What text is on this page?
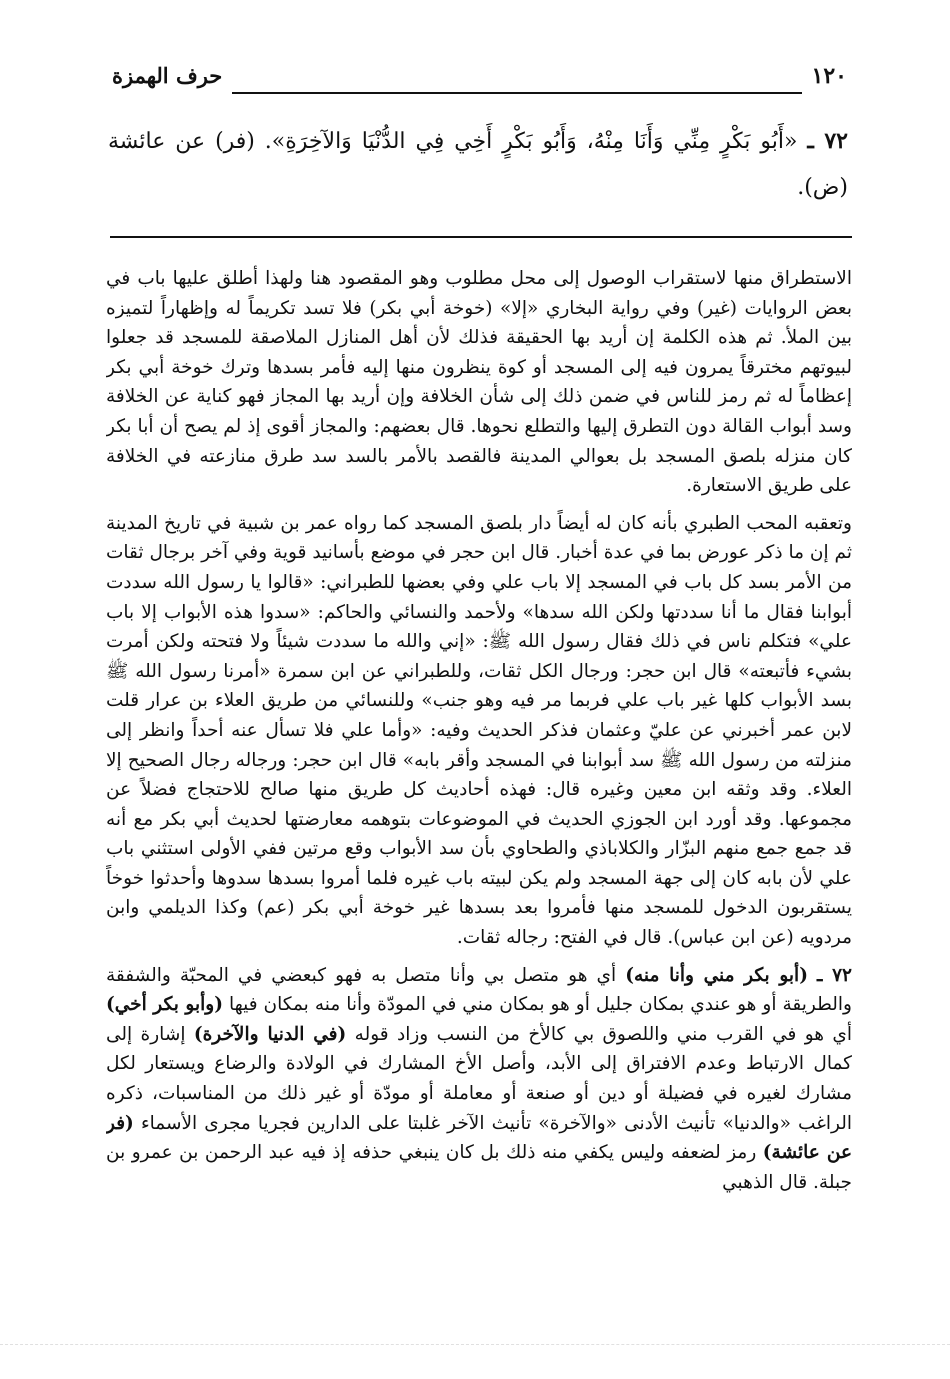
١٢٠
حرف الهمزة
٧٢ ـ «أَبُو بَكْرٍ مِنِّي وَأَنَا مِنْهُ، وَأَبُو بَكْرٍ أَخِي فِي الدُّنْيَا وَالآخِرَةِ». (فر) عن عائشة (ض).

الاستطراق منها لاستقراب الوصول إلى محل مطلوب وهو المقصود هنا ولهذا أطلق عليها باب في بعض الروايات (غير) وفي رواية البخاري «إلا» (خوخة أبي بكر) فلا تسد تكريماً له وإظهاراً لتميزه بين الملأ. ثم هذه الكلمة إن أريد بها الحقيقة فذلك لأن أهل المنازل الملاصقة للمسجد قد جعلوا لبيوتهم مخترقاً يمرون فيه إلى المسجد أو كوة ينظرون منها إليه فأمر بسدها وترك خوخة أبي بكر إعظاماً له ثم رمز للناس في ضمن ذلك إلى شأن الخلافة وإن أريد بها المجاز فهو كناية عن الخلافة وسد أبواب القالة دون التطرق إليها والتطلع نحوها. قال بعضهم: والمجاز أقوى إذ لم يصح أن أبا بكر كان منزله بلصق المسجد بل بعوالي المدينة فالقصد بالأمر بالسد سد طرق منازعته في الخلافة على طريق الاستعارة.

وتعقبه المحب الطبري بأنه كان له أيضاً دار بلصق المسجد كما رواه عمر بن شبية في تاريخ المدينة ثم إن ما ذكر عورض بما في عدة أخبار. قال ابن حجر في موضع بأسانيد قوية وفي آخر برجال ثقات من الأمر بسد كل باب في المسجد إلا باب علي وفي بعضها للطبراني: «قالوا يا رسول الله سددت أبوابنا فقال ما أنا سددتها ولكن الله سدها» ولأحمد والنسائي والحاكم: «سدوا هذه الأبواب إلا باب علي» فتكلم ناس في ذلك فقال رسول الله ﷺ: «إني والله ما سددت شيئاً ولا فتحته ولكن أمرت بشيء فأتبعته» قال ابن حجر: ورجال الكل ثقات، وللطبراني عن ابن سمرة «أمرنا رسول الله ﷺ بسد الأبواب كلها غير باب علي فربما مر فيه وهو جنب» وللنسائي من طريق العلاء بن عرار قلت لابن عمر أخبرني عن عليّ وعثمان فذكر الحديث وفيه: «وأما علي فلا تسأل عنه أحداً وانظر إلى منزلته من رسول الله ﷺ سد أبوابنا في المسجد وأقر بابه» قال ابن حجر: ورجاله رجال الصحيح إلا العلاء. وقد وثقه ابن معين وغيره قال: فهذه أحاديث كل طريق منها صالح للاحتجاج فضلاً عن مجموعها. وقد أورد ابن الجوزي الحديث في الموضوعات بتوهمه معارضتها لحديث أبي بكر مع أنه قد جمع جمع منهم البزّار والكلاباذي والطحاوي بأن سد الأبواب وقع مرتين ففي الأولى استثني باب علي لأن بابه كان إلى جهة المسجد ولم يكن لبيته باب غيره فلما أمروا بسدها سدوها وأحدثوا خوخاً يستقربون الدخول للمسجد منها فأمروا بعد بسدها غير خوخة أبي بكر (عم) وكذا الديلمي وابن مردويه (عن ابن عباس). قال في الفتح: رجاله ثقات.

٧٢ ـ (أبو بكر مني وأنا منه) أي هو متصل بي وأنا متصل به فهو كبعضي في المحبّة والشفقة والطريقة أو هو عندي بمكان جليل أو هو بمكان مني في المودّة وأنا منه بمكان فيها (وأبو بكر أخي) أي هو في القرب مني واللصوق بي كالأخ من النسب وزاد قوله (في الدنيا والآخرة) إشارة إلى كمال الارتباط وعدم الافتراق إلى الأبد، وأصل الأخ المشارك في الولادة والرضاع ويستعار لكل مشارك لغيره في فضيلة أو دين أو صنعة أو معاملة أو مودّة أو غير ذلك من المناسبات، ذكره الراغب «والدنيا» تأنيث الأدنى «والآخرة» تأنيث الآخر غلبتا على الدارين فجريا مجرى الأسماء (فر عن عائشة) رمز لضعفه وليس يكفي منه ذلك بل كان ينبغي حذفه إذ فيه عبد الرحمن بن عمرو بن جبلة. قال الذهبي
